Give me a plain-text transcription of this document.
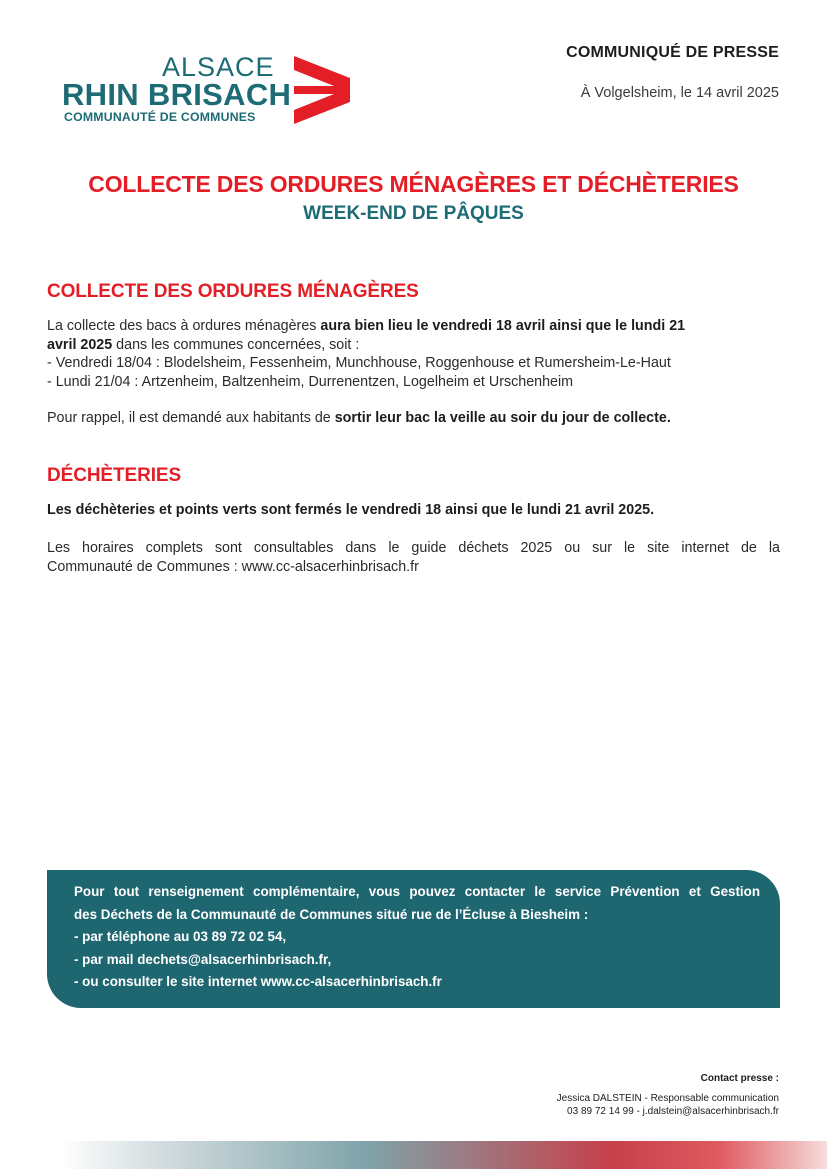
ALSACE
RHIN BRISACH
COMMUNAUTÉ DE COMMUNES
COMMUNIQUÉ DE PRESSE
À Volgelsheim, le 14 avril 2025
COLLECTE DES ORDURES MÉNAGÈRES ET DÉCHÈTERIES
WEEK-END DE PÂQUES
COLLECTE DES ORDURES MÉNAGÈRES
La collecte des bacs à ordures ménagères aura bien lieu le vendredi 18 avril ainsi que le lundi 21
avril 2025 dans les communes concernées, soit :
- Vendredi 18/04 : Blodelsheim, Fessenheim, Munchhouse, Roggenhouse et Rumersheim-Le-Haut
- Lundi 21/04 : Artzenheim, Baltzenheim, Durrenentzen, Logelheim et Urschenheim
Pour rappel, il est demandé aux habitants de sortir leur bac la veille au soir du jour de collecte.
DÉCHÈTERIES
Les déchèteries et points verts sont fermés le vendredi 18 ainsi que le lundi 21 avril 2025.
Les horaires complets sont consultables dans le guide déchets 2025 ou sur le site internet de la
Communauté de Communes : www.cc-alsacerhinbrisach.fr
Pour tout renseignement complémentaire, vous pouvez contacter le service Prévention et Gestion
des Déchets de la Communauté de Communes situé rue de l’Écluse à Biesheim :
- par téléphone au 03 89 72 02 54,
- par mail dechets@alsacerhinbrisach.fr,
- ou consulter le site internet www.cc-alsacerhinbrisach.fr
Contact presse :
Jessica DALSTEIN - Responsable communication
03 89 72 14 99 - j.dalstein@alsacerhinbrisach.fr
